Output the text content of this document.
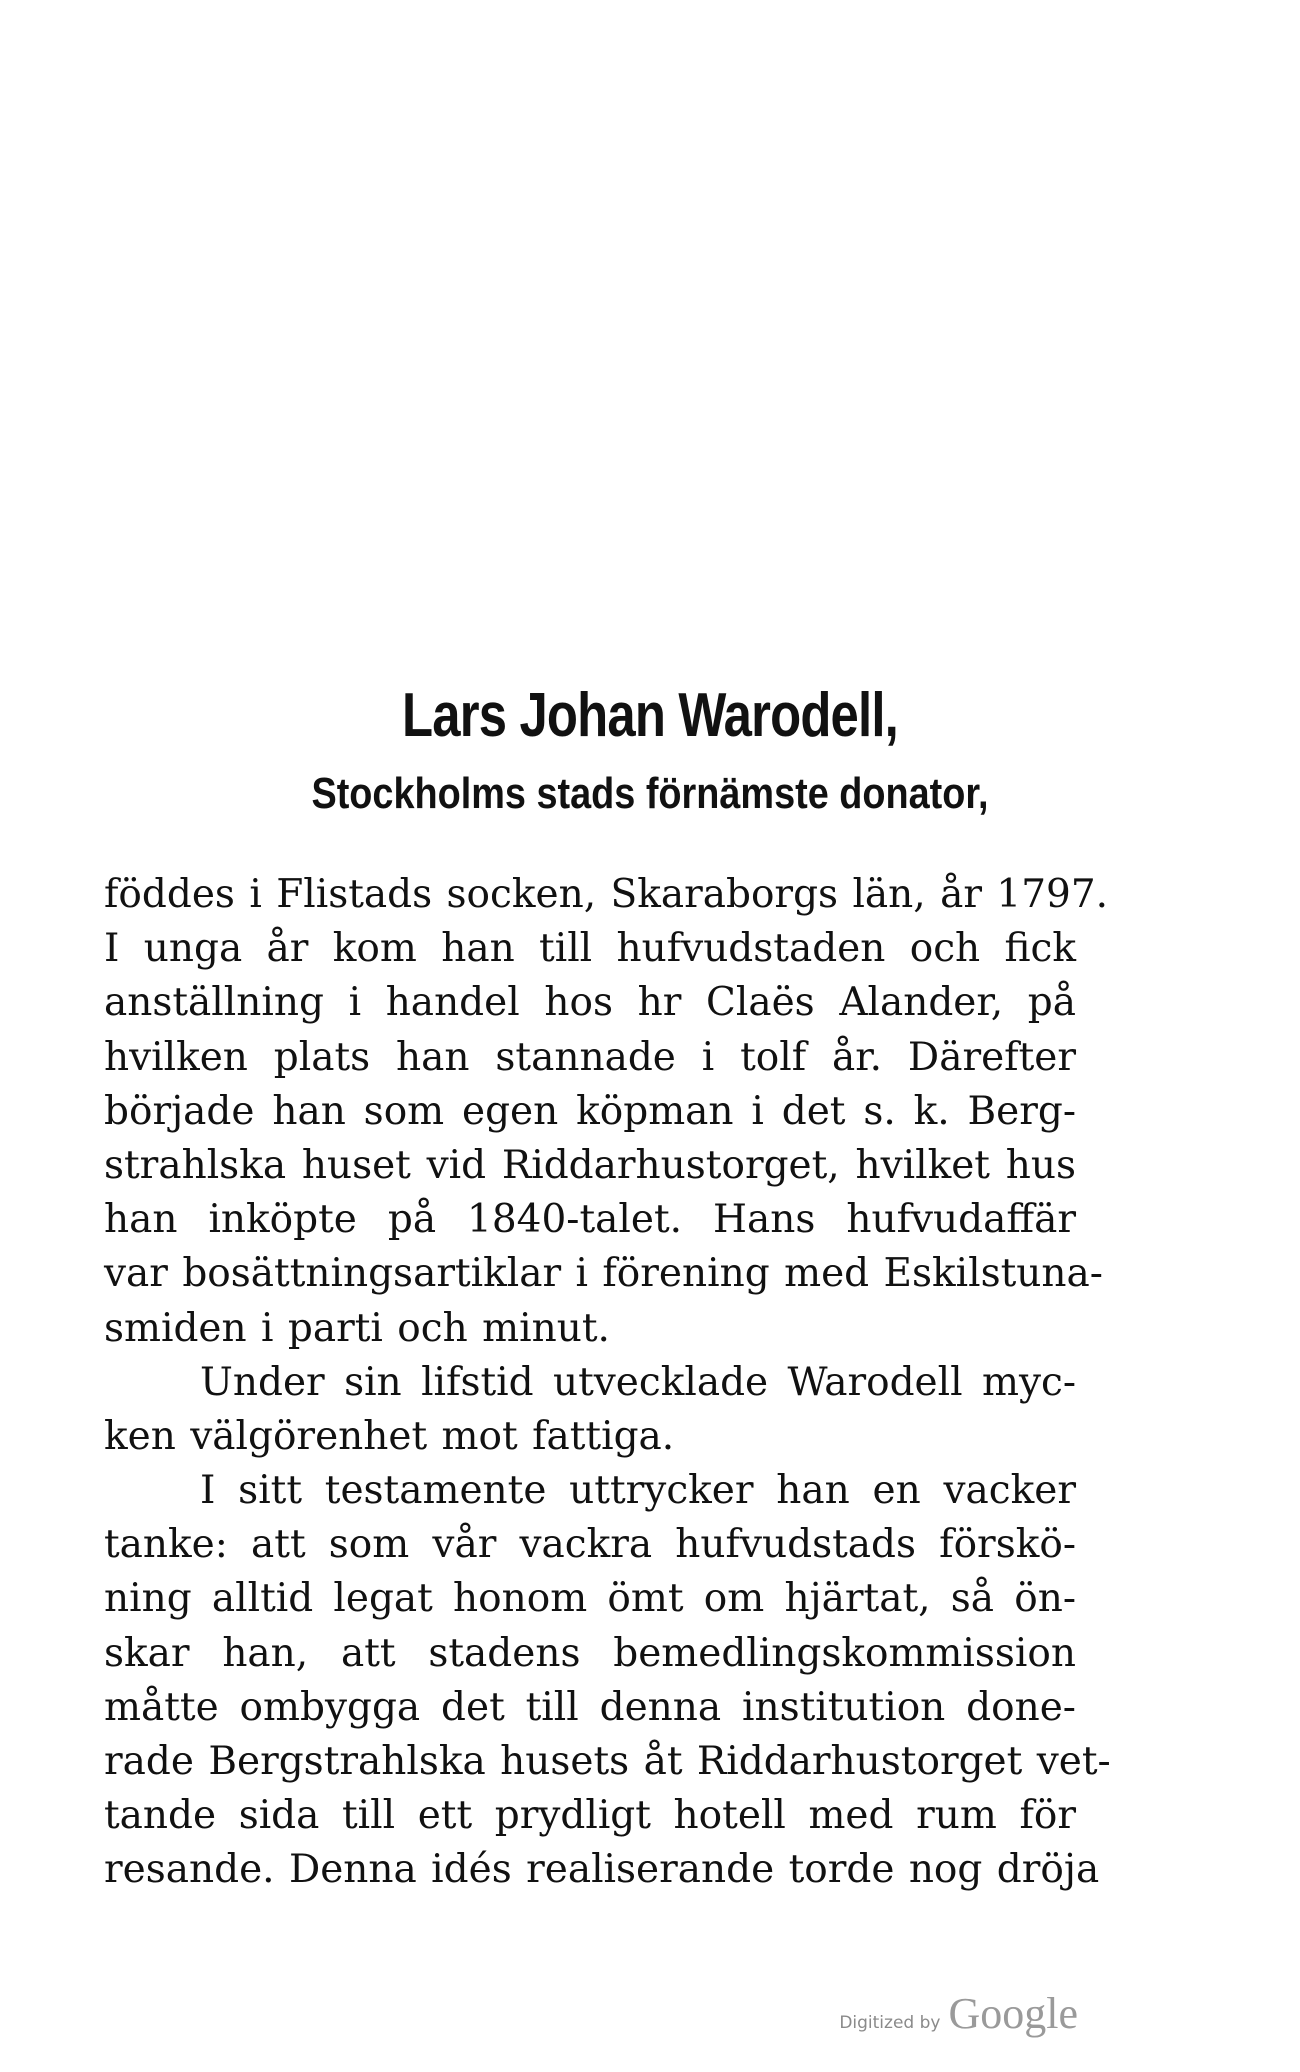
Lars Johan Warodell,
Stockholms stads förnämste donator,
föddes i Flistads socken, Skaraborgs län, år 1797.
I unga år kom han till hufvudstaden och fick
anställning i handel hos hr Claës Alander, på
hvilken plats han stannade i tolf år. Därefter
började han som egen köpman i det s. k. Berg-
strahlska huset vid Riddarhustorget, hvilket hus
han inköpte på 1840-talet. Hans hufvudaffär
var bosättningsartiklar i förening med Eskilstuna-
smiden i parti och minut.
Under sin lifstid utvecklade Warodell myc-
ken välgörenhet mot fattiga.
I sitt testamente uttrycker han en vacker
tanke: att som vår vackra hufvudstads förskö-
ning alltid legat honom ömt om hjärtat, så ön-
skar han, att stadens bemedlingskommission
måtte ombygga det till denna institution done-
rade Bergstrahlska husets åt Riddarhustorget vet-
tande sida till ett prydligt hotell med rum för
resande. Denna idés realiserande torde nog dröja
Digitized by Google
